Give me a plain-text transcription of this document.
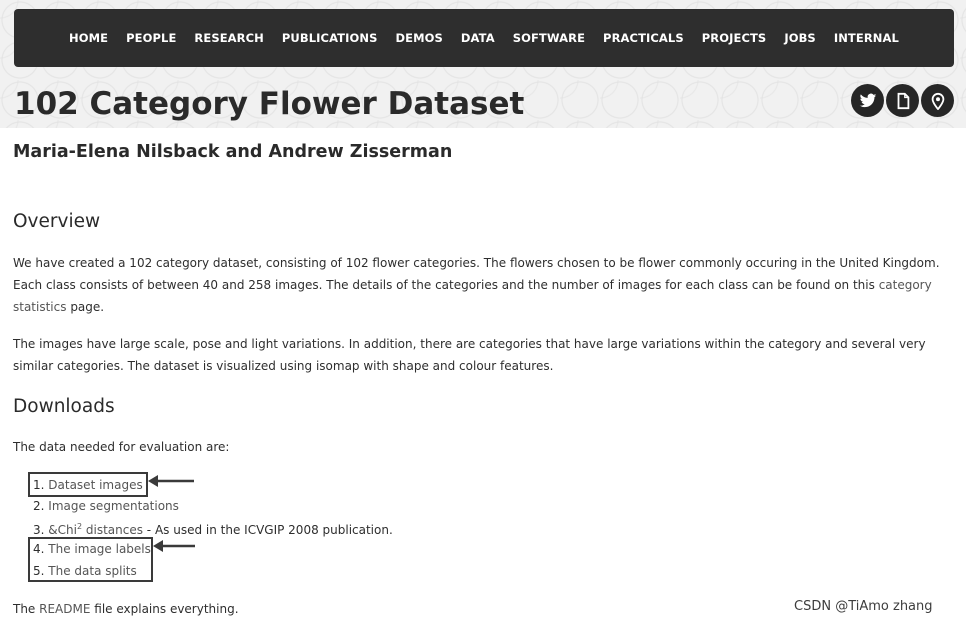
HOME PEOPLE RESEARCH PUBLICATIONS DEMOS DATA SOFTWARE PRACTICALS PROJECTS JOBS INTERNAL
102 Category Flower Dataset
Maria-Elena Nilsback and Andrew Zisserman
Overview

We have created a 102 category dataset, consisting of 102 flower categories. The flowers chosen to be flower commonly occuring in the United Kingdom. Each class consists of between 40 and 258 images. The details of the categories and the number of images for each class can be found on this category statistics page.

The images have large scale, pose and light variations. In addition, there are categories that have large variations within the category and several very similar categories. The dataset is visualized using isomap with shape and colour features.

Downloads

The data needed for evaluation are:

1. Dataset images
2. Image segmentations
3. &Chi$^2$ distances - As used in the ICVGIP 2008 publication.
4. The image labels
5. The data splits

The README file explains everything.	CSDN @TiAmo zhang
